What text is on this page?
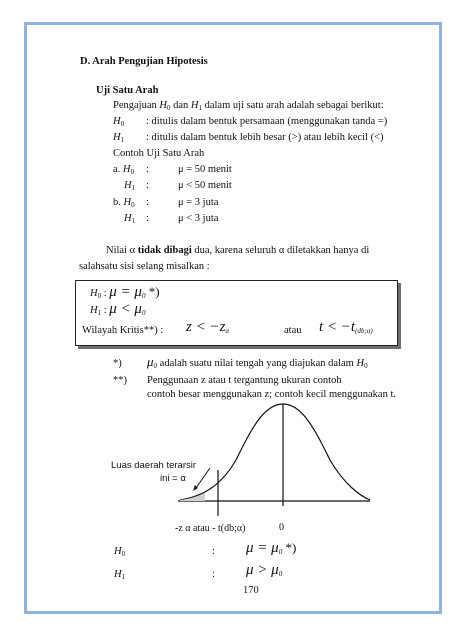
D. Arah Pengujian Hipotesis
Uji Satu Arah
Pengajuan $H_0$ dan $H_1$ dalam uji satu arah adalah sebagai berikut:
$H_0$ : ditulis dalam bentuk persamaan (menggunakan tanda =)
$H_1$ : ditulis dalam bentuk lebih besar (>) atau lebih kecil (<)
Contoh Uji Satu Arah
a. $H_0$ :	μ = 50 menit
$H_1$ :	μ < 50 menit
b. $H_0$ :	μ = 3 juta
$H_1$ :	μ < 3 juta
Nilai α tidak dibagi dua, karena seluruh α diletakkan hanya di
salahsatu sisi selang misalkan :
$H_0$ : $\mu = \mu_0$ *)
$H_1$ : $\mu < \mu_0$
Wilayah Kritis**) : $z < -z_\alpha$	atau $t < -t_{(db;\alpha)}$
*) $\mu_0$ adalah suatu nilai tengah yang diajukan dalam $H_0$
**) Penggunaan z atau t tergantung ukuran contoh
contoh besar menggunakan z; contoh kecil menggunakan t.
Luas daerah terarsir
ini = α
-z α atau - t(db;α)	0
$H_0$	: $\mu = \mu_0$ *)
$H_1$	: $\mu > \mu_0$
170
